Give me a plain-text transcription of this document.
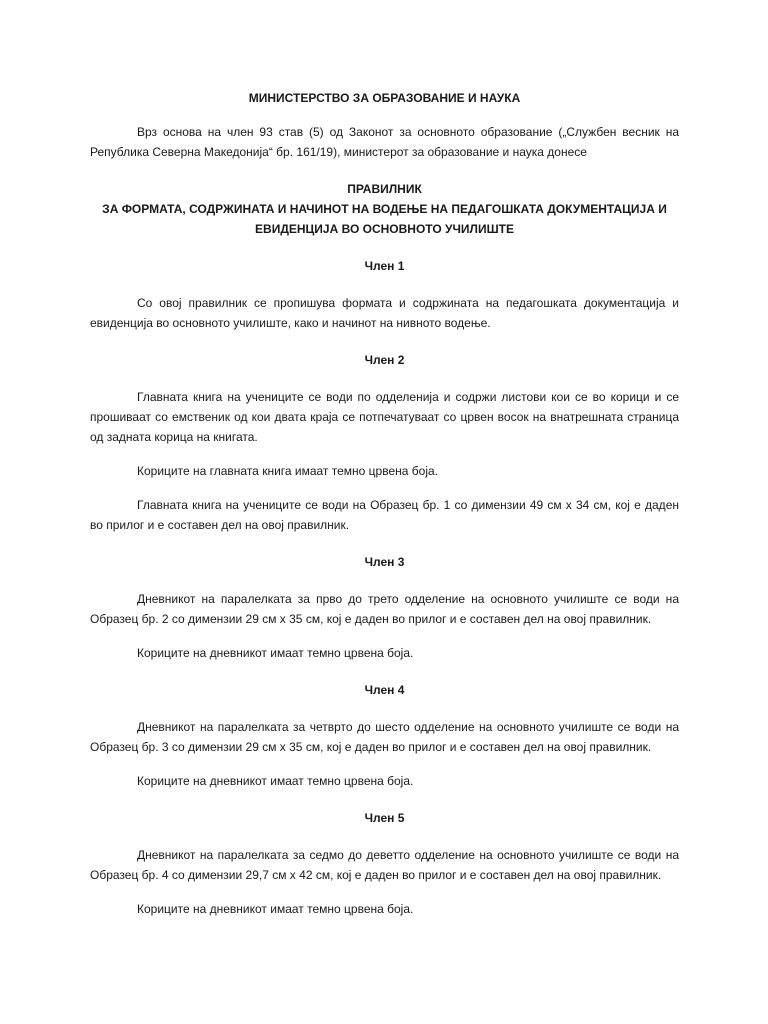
МИНИСТЕРСТВО ЗА ОБРАЗОВАНИЕ И НАУКА

Врз основа на член 93 став (5) од Законот за основното образование („Службен весник на Република Северна Македонија“ бр. 161/19), министерот за образование и наука донесе

ПРАВИЛНИК

ЗА ФОРМАТА, СОДРЖИНАТА И НАЧИНОТ НА ВОДЕЊЕ НА ПЕДАГОШКАТА ДОКУМЕНТАЦИЈА И ЕВИДЕНЦИЈА ВО ОСНОВНОТО УЧИЛИШТЕ

Член 1

Со овој правилник се пропишува формата и содржината на педагошката документација и евиденција во основното училиште, како и начинот на нивното водење.

Член 2

Главната книга на учениците се води по одделенија и содржи листови кои се во корици и се прошиваат со емственик од кои двата краја се потпечатуваат со црвен восок на внатрешната страница од задната корица на книгата.

Кориците на главната книга имаат темно црвена боја.

Главната книга на учениците се води на Образец бр. 1 со димензии 49 см х 34 см, кој е даден во прилог и е составен дел на овој правилник.

Член 3

Дневникот на паралелката за прво до трето одделение на основното училиште се води на Образец бр. 2 со димензии 29 см х 35 см, кој е даден во прилог и е составен дел на овој правилник.

Кориците на дневникот имаат темно црвена боја.

Член 4

Дневникот на паралелката за четврто до шесто одделение на основното училиште се води на Образец бр. 3 со димензии 29 см х 35 см, кој е даден во прилог и е составен дел на овој правилник.

Кориците на дневникот имаат темно црвена боја.

Член 5

Дневникот на паралелката за седмо до деветто одделение на основното училиште се води на Образец бр. 4 со димензии 29,7 см х 42 см, кој е даден во прилог и е составен дел на овој правилник.

Кориците на дневникот имаат темно црвена боја.
